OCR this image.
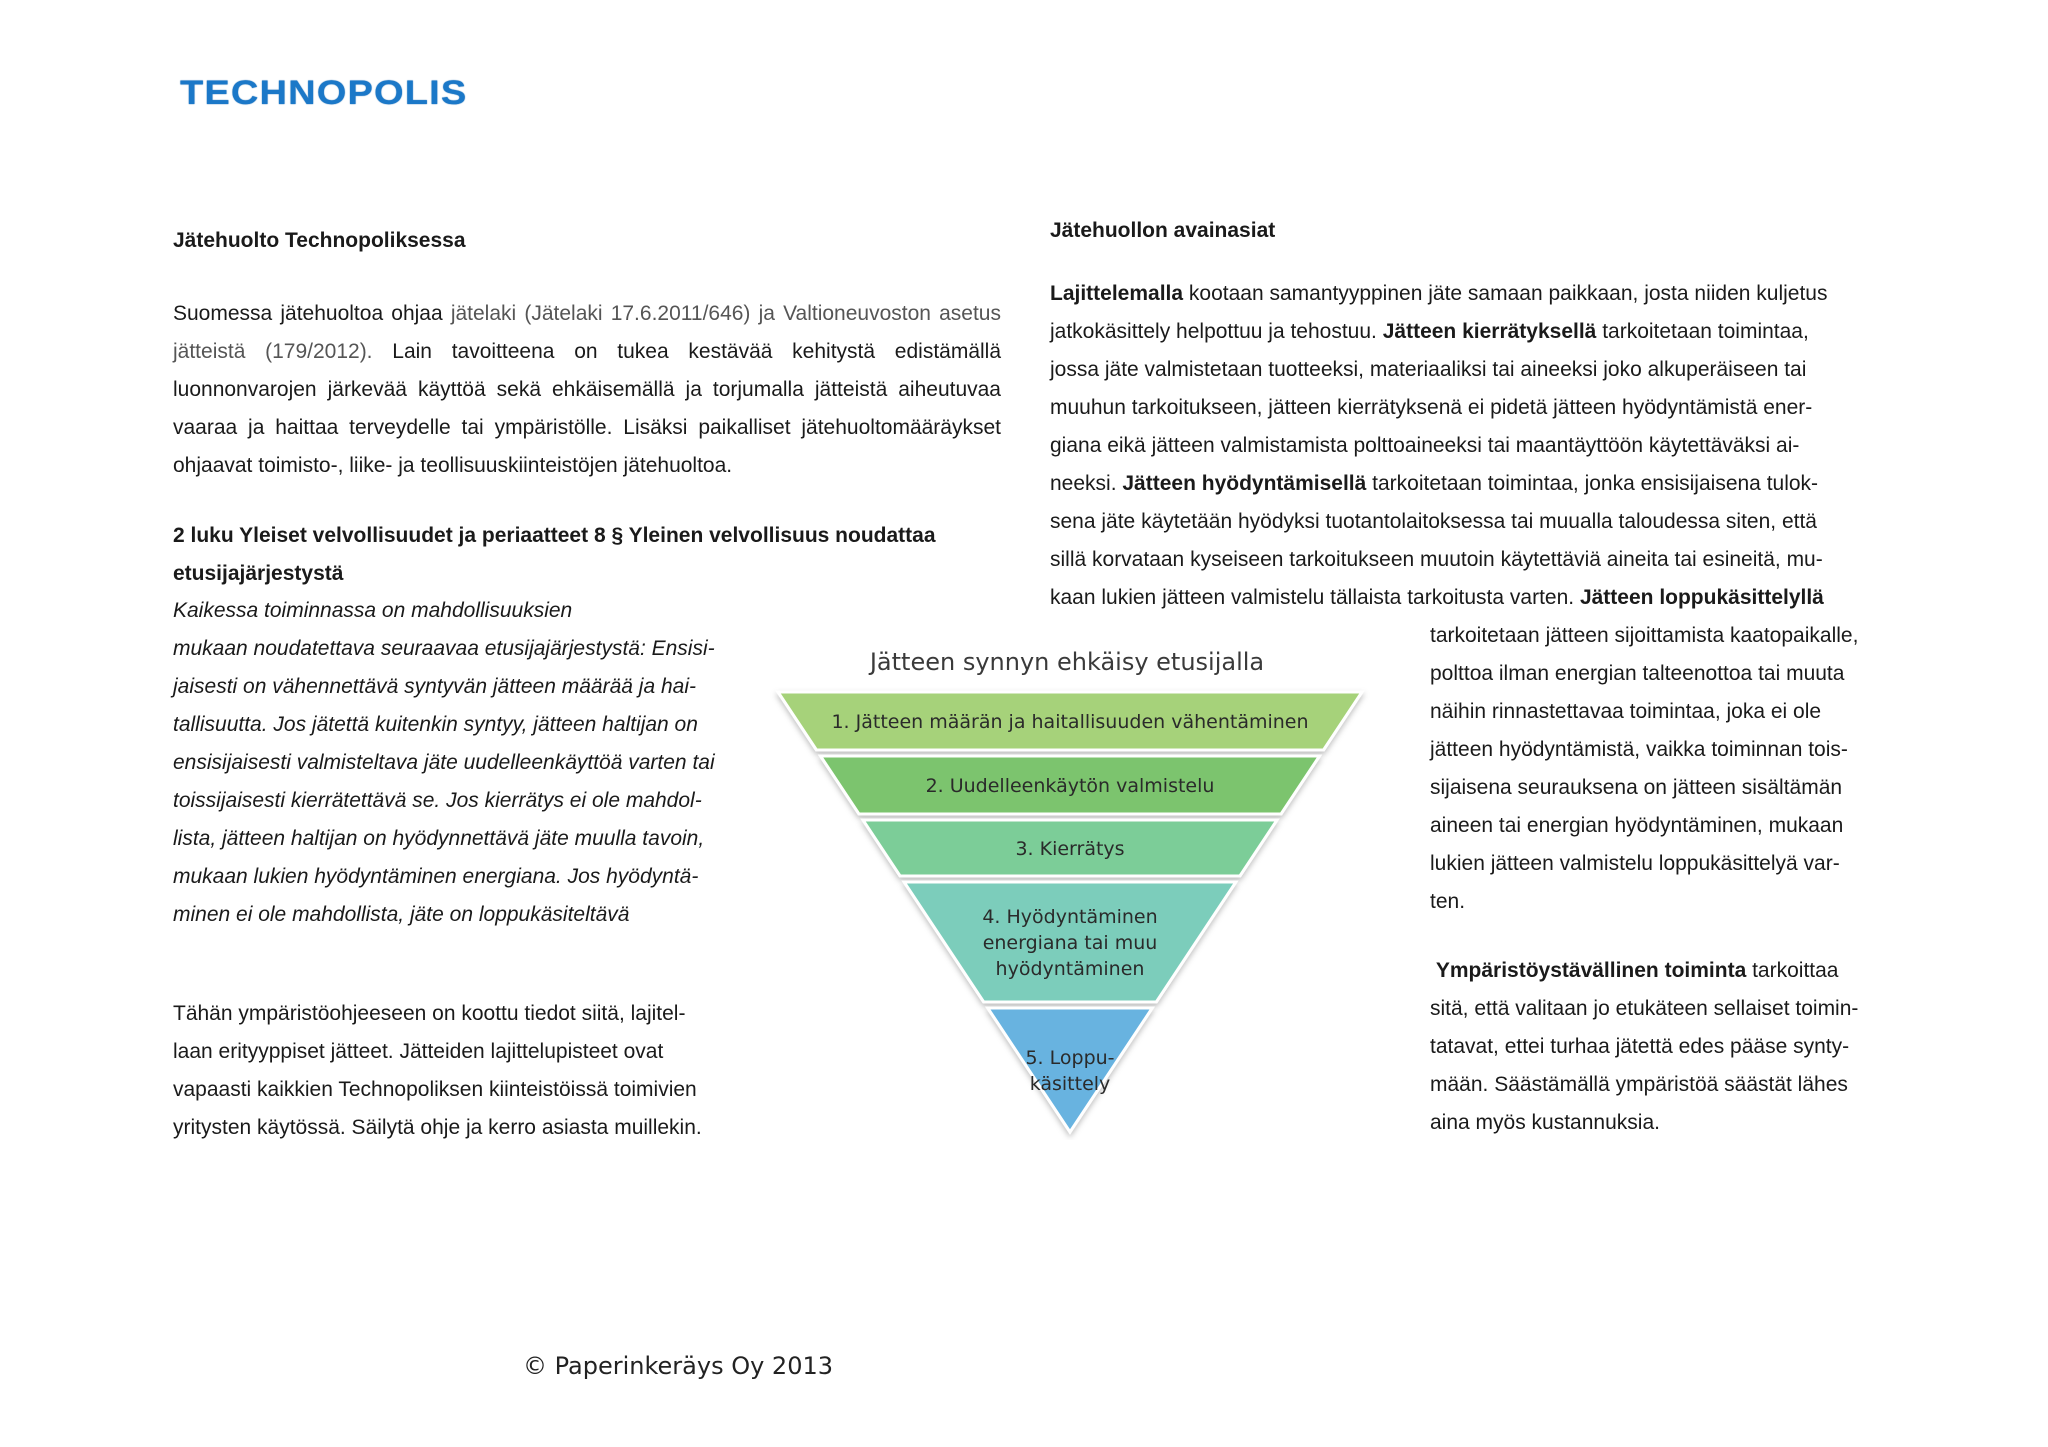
TECHNOPOLIS
Jätehuolto Technopoliksessa
Suomessa jätehuoltoa ohjaa jätelaki (Jätelaki 17.6.2011/646) ja Valtioneuvoston asetus jätteistä (179/2012). Lain tavoitteena on tukea kestävää kehitystä edistämällä luonnonvarojen järkevää käyttöä sekä ehkäisemällä ja torjumalla jätteistä aiheutuvaa vaaraa ja haittaa terveydelle tai ympäristölle. Lisäksi paikalliset jätehuoltomääräykset ohjaavat toimisto-, liike- ja teollisuuskiinteistöjen jätehuoltoa.
2 luku Yleiset velvollisuudet ja periaatteet 8 § Yleinen velvollisuus noudattaa etusijajärjestystä
Kaikessa toiminnassa on mahdollisuuksien
mukaan noudatettava seuraavaa etusijajärjestystä: Ensisi-
jaisesti on vähennettävä syntyvän jätteen määrää ja hai-
tallisuutta. Jos jätettä kuitenkin syntyy, jätteen haltijan on
ensisijaisesti valmisteltava jäte uudelleenkäyttöä varten tai
toissijaisesti kierrätettävä se. Jos kierrätys ei ole mahdol-
lista, jätteen haltijan on hyödynnettävä jäte muulla tavoin,
mukaan lukien hyödyntäminen energiana. Jos hyödyntä-
minen ei ole mahdollista, jäte on loppukäsiteltävä
Tähän ympäristöohjeeseen on koottu tiedot siitä, lajitel-
laan erityyppiset jätteet. Jätteiden lajittelupisteet ovat
vapaasti kaikkien Technopoliksen kiinteistöissä toimivien
yritysten käytössä. Säilytä ohje ja kerro asiasta muillekin.
Jätehuollon avainasiat
Lajittelemalla kootaan samantyyppinen jäte samaan paikkaan, josta niiden kuljetus
jatkokäsittely helpottuu ja tehostuu. Jätteen kierrätyksellä tarkoitetaan toimintaa,
jossa jäte valmistetaan tuotteeksi, materiaaliksi tai aineeksi joko alkuperäiseen tai
muuhun tarkoitukseen, jätteen kierrätyksenä ei pidetä jätteen hyödyntämistä ener-
giana eikä jätteen valmistamista polttoaineeksi tai maantäyttöön käytettäväksi ai-
neeksi. Jätteen hyödyntämisellä tarkoitetaan toimintaa, jonka ensisijaisena tulok-
sena jäte käytetään hyödyksi tuotantolaitoksessa tai muualla taloudessa siten, että
sillä korvataan kyseiseen tarkoitukseen muutoin käytettäviä aineita tai esineitä, mu-
kaan lukien jätteen valmistelu tällaista tarkoitusta varten. Jätteen loppukäsittelyllä
tarkoitetaan jätteen sijoittamista kaatopaikalle,
polttoa ilman energian talteenottoa tai muuta
näihin rinnastettavaa toimintaa, joka ei ole
jätteen hyödyntämistä, vaikka toiminnan tois-
sijaisena seurauksena on jätteen sisältämän
aineen tai energian hyödyntäminen, mukaan
lukien jätteen valmistelu loppukäsittelyä var-
ten.
Ympäristöystävällinen toiminta tarkoittaa
sitä, että valitaan jo etukäteen sellaiset toimin-
tatavat, ettei turhaa jätettä edes pääse synty-
mään. Säästämällä ympäristöä säästät lähes
aina myös kustannuksia.
Jätteen synnyn ehkäisy etusijalla
1. Jätteen määrän ja haitallisuuden vähentäminen
2. Uudelleenkäytön valmistelu
3. Kierrätys
4. Hyödyntäminen
energiana tai muu
hyödyntäminen
5. Loppu-
käsittely
© Paperinkeräys Oy 2013
